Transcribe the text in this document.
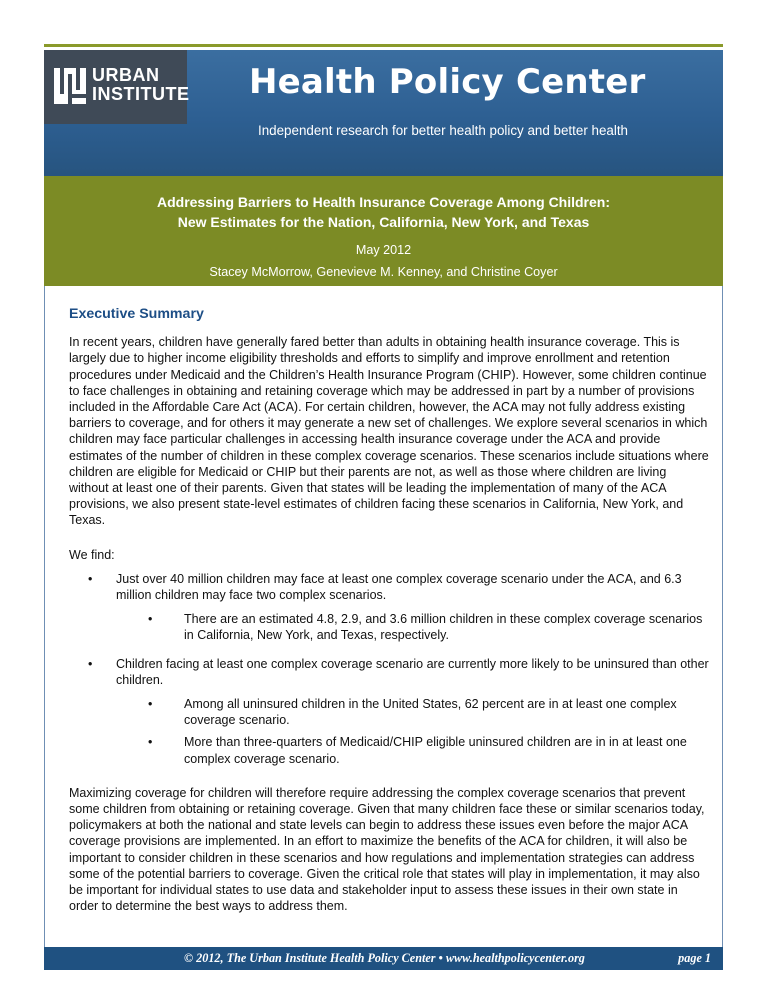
URBAN
INSTITUTE Health Policy Center
Independent research for better health policy and better health
Addressing Barriers to Health Insurance Coverage Among Children:
New Estimates for the Nation, California, New York, and Texas
May 2012
Stacey McMorrow, Genevieve M. Kenney, and Christine Coyer
Executive Summary

In recent years, children have generally fared better than adults in obtaining health insurance coverage. This is largely due to higher income eligibility thresholds and efforts to simplify and improve enrollment and retention procedures under Medicaid and the Children’s Health Insurance Program (CHIP). However, some children continue to face challenges in obtaining and retaining coverage which may be addressed in part by a number of provisions included in the Affordable Care Act (ACA). For certain children, however, the ACA may not fully address existing barriers to coverage, and for others it may generate a new set of challenges. We explore several scenarios in which children may face particular challenges in accessing health insurance coverage under the ACA and provide estimates of the number of children in these complex coverage scenarios. These scenarios include situations where children are eligible for Medicaid or CHIP but their parents are not, as well as those where children are living without at least one of their parents. Given that states will be leading the implementation of many of the ACA provisions, we also present state-level estimates of children facing these scenarios in California, New York, and Texas.

We find:

• Just over 40 million children may face at least one complex coverage scenario under the ACA, and 6.3 million children may face two complex scenarios.
•	There are an estimated 4.8, 2.9, and 3.6 million children in these complex coverage scenarios in California, New York, and Texas, respectively.
• Children facing at least one complex coverage scenario are currently more likely to be uninsured than other children.
•	Among all uninsured children in the United States, 62 percent are in at least one complex coverage scenario.
•	More than three-quarters of Medicaid/CHIP eligible uninsured children are in in at least one complex coverage scenario.

Maximizing coverage for children will therefore require addressing the complex coverage scenarios that prevent some children from obtaining or retaining coverage. Given that many children face these or similar scenarios today, policymakers at both the national and state levels can begin to address these issues even before the major ACA coverage provisions are implemented. In an effort to maximize the benefits of the ACA for children, it will also be important to consider children in these scenarios and how regulations and implementation strategies can address some of the potential barriers to coverage. Given the critical role that states will play in implementation, it may also be important for individual states to use data and stakeholder input to assess these issues in their own state in order to determine the best ways to address them.

© 2012, The Urban Institute Health Policy Center • www.healthpolicycenter.org	page 1
